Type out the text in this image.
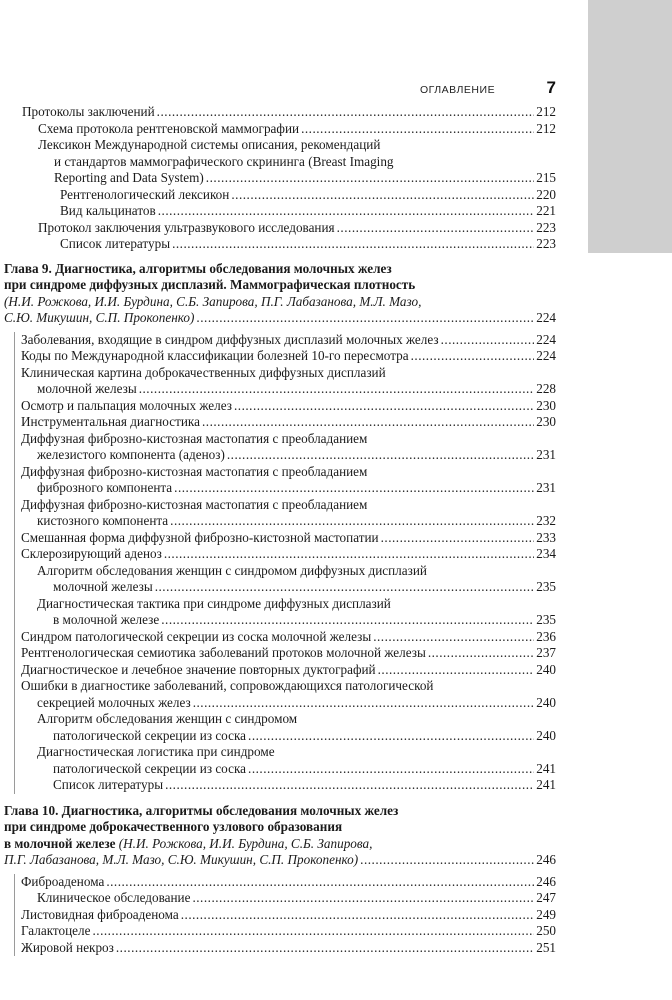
ОГЛАВЛЕНИЕ	7
Протоколы заключений .....	212
Схема протокола рентгеновской маммографии .....	212
Лексикон Международной системы описания, рекомендаций
и стандартов маммографического скрининга (Breast Imaging
Reporting and Data System) .....	215
Рентгенологический лексикон .....	220
Вид кальцинатов .....	221
Протокол заключения ультразвукового исследования .....	223
Список литературы .....	223
Глава 9. Диагностика, алгоритмы обследования молочных желез
при синдроме диффузных дисплазий. Маммографическая плотность
(Н.И. Рожкова, И.И. Бурдина, С.Б. Запирова, П.Г. Лабазанова, М.Л. Мазо,
С.Ю. Микушин, С.П. Прокопенко) .....	224
Заболевания, входящие в синдром диффузных дисплазий молочных желез .....	224
Коды по Международной классификации болезней 10-го пересмотра .....	224
Клиническая картина доброкачественных диффузных дисплазий
молочной железы .....	228
Осмотр и пальпация молочных желез .....	230
Инструментальная диагностика .....	230
Диффузная фиброзно-кистозная мастопатия с преобладанием
железистого компонента (аденоз) .....	231
Диффузная фиброзно-кистозная мастопатия с преобладанием
фиброзного компонента .....	231
Диффузная фиброзно-кистозная мастопатия с преобладанием
кистозного компонента .....	232
Смешанная форма диффузной фиброзно-кистозной мастопатии .....	233
Склерозирующий аденоз .....	234
Алгоритм обследования женщин с синдромом диффузных дисплазий
молочной железы .....	235
Диагностическая тактика при синдроме диффузных дисплазий
в молочной железе .....	235
Синдром патологической секреции из соска молочной железы .....	236
Рентгенологическая семиотика заболеваний протоков молочной железы .....	237
Диагностическое и лечебное значение повторных дуктографий .....	240
Ошибки в диагностике заболеваний, сопровождающихся патологической
секрецией молочных желез .....	240
Алгоритм обследования женщин с синдромом
патологической секреции из соска .....	240
Диагностическая логистика при синдроме
патологической секреции из соска .....	241
Список литературы .....	241
Глава 10. Диагностика, алгоритмы обследования молочных желез
при синдроме доброкачественного узлового образования
в молочной железе (Н.И. Рожкова, И.И. Бурдина, С.Б. Запирова,
П.Г. Лабазанова, М.Л. Мазо, С.Ю. Микушин, С.П. Прокопенко) .....	246
Фиброаденома .....	246
Клиническое обследование .....	247
Листовидная фиброаденома .....	249
Галактоцеле .....	250
Жировой некроз .....	251
